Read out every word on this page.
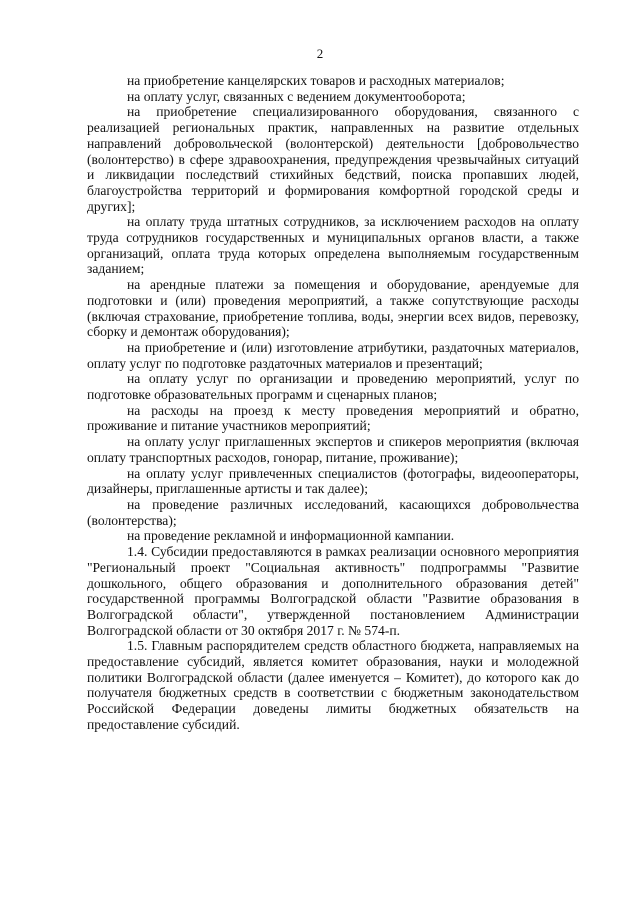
2

на приобретение канцелярских товаров и расходных материалов;

на оплату услуг, связанных с ведением документооборота;

на приобретение специализированного оборудования, связанного с реализацией региональных практик, направленных на развитие отдельных направлений добровольческой (волонтерской) деятельности [добровольчество (волонтерство) в сфере здравоохранения, предупреждения чрезвычайных ситуаций и ликвидации последствий стихийных бедствий, поиска пропавших людей, благоустройства территорий и формирования комфортной городской среды и других];

на оплату труда штатных сотрудников, за исключением расходов на оплату труда сотрудников государственных и муниципальных органов власти, а также организаций, оплата труда которых определена выполняемым государственным заданием;

на арендные платежи за помещения и оборудование, арендуемые для подготовки и (или) проведения мероприятий, а также сопутствующие расходы (включая страхование, приобретение топлива, воды, энергии всех видов, перевозку, сборку и демонтаж оборудования);

на приобретение и (или) изготовление атрибутики, раздаточных материалов, оплату услуг по подготовке раздаточных материалов и презентаций;

на оплату услуг по организации и проведению мероприятий, услуг по подготовке образовательных программ и сценарных планов;

на расходы на проезд к месту проведения мероприятий и обратно, проживание и питание участников мероприятий;

на оплату услуг приглашенных экспертов и спикеров мероприятия (включая оплату транспортных расходов, гонорар, питание, проживание);

на оплату услуг привлеченных специалистов (фотографы, видеооператоры, дизайнеры, приглашенные артисты и так далее);

на проведение различных исследований, касающихся добровольчества (волонтерства);

на проведение рекламной и информационной кампании.

1.4. Субсидии предоставляются в рамках реализации основного мероприятия "Региональный проект "Социальная активность" подпрограммы "Развитие дошкольного, общего образования и дополнительного образования детей" государственной программы Волгоградской области "Развитие образования в Волгоградской области", утвержденной постановлением Администрации Волгоградской области от 30 октября 2017 г. № 574-п.

1.5. Главным распорядителем средств областного бюджета, направляемых на предоставление субсидий, является комитет образования, науки и молодежной политики Волгоградской области (далее именуется – Комитет), до которого как до получателя бюджетных средств в соответствии с бюджетным законодательством Российской Федерации доведены лимиты бюджетных обязательств на предоставление субсидий.
